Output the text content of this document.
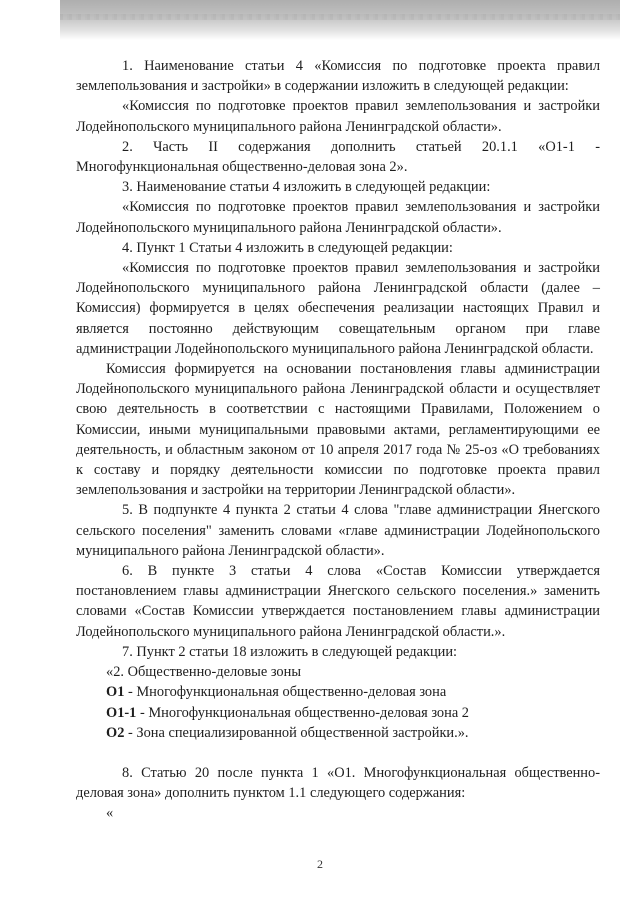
1. Наименование статьи 4 «Комиссия по подготовке проекта правил землепользования и застройки» в содержании изложить в следующей редакции:

«Комиссия по подготовке проектов правил землепользования и застройки Лодейнопольского муниципального района Ленинградской области».

2. Часть II содержания дополнить статьей 20.1.1 «О1-1 - Многофункциональная общественно-деловая зона 2».

3. Наименование статьи 4 изложить в следующей редакции:

«Комиссия по подготовке проектов правил землепользования и застройки Лодейнопольского муниципального района Ленинградской области».

4. Пункт 1 Статьи 4 изложить в следующей редакции:

«Комиссия по подготовке проектов правил землепользования и застройки Лодейнопольского муниципального района Ленинградской области (далее – Комиссия) формируется в целях обеспечения реализации настоящих Правил и является постоянно действующим совещательным органом при главе администрации Лодейнопольского муниципального района Ленинградской области.

Комиссия формируется на основании постановления главы администрации Лодейнопольского муниципального района Ленинградской области и осуществляет свою деятельность в соответствии с настоящими Правилами, Положением о Комиссии, иными муниципальными правовыми актами, регламентирующими ее деятельность, и областным законом от 10 апреля 2017 года № 25-оз «О требованиях к составу и порядку деятельности комиссии по подготовке проекта правил землепользования и застройки на территории Ленинградской области».

5. В подпункте 4 пункта 2 статьи 4 слова "главе администрации Янегского сельского поселения" заменить словами «главе администрации Лодейнопольского муниципального района Ленинградской области».

6. В пункте 3 статьи 4 слова «Состав Комиссии утверждается постановлением главы администрации Янегского сельского поселения.» заменить словами «Состав Комиссии утверждается постановлением главы администрации Лодейнопольского муниципального района Ленинградской области.».

7. Пункт 2 статьи 18 изложить в следующей редакции:

«2. Общественно-деловые зоны

О1 - Многофункциональная общественно-деловая зона

О1-1 - Многофункциональная общественно-деловая зона 2

О2 - Зона специализированной общественной застройки.».

8. Статью 20 после пункта 1 «О1. Многофункциональная общественно-деловая зона» дополнить пунктом 1.1 следующего содержания:

«

2
